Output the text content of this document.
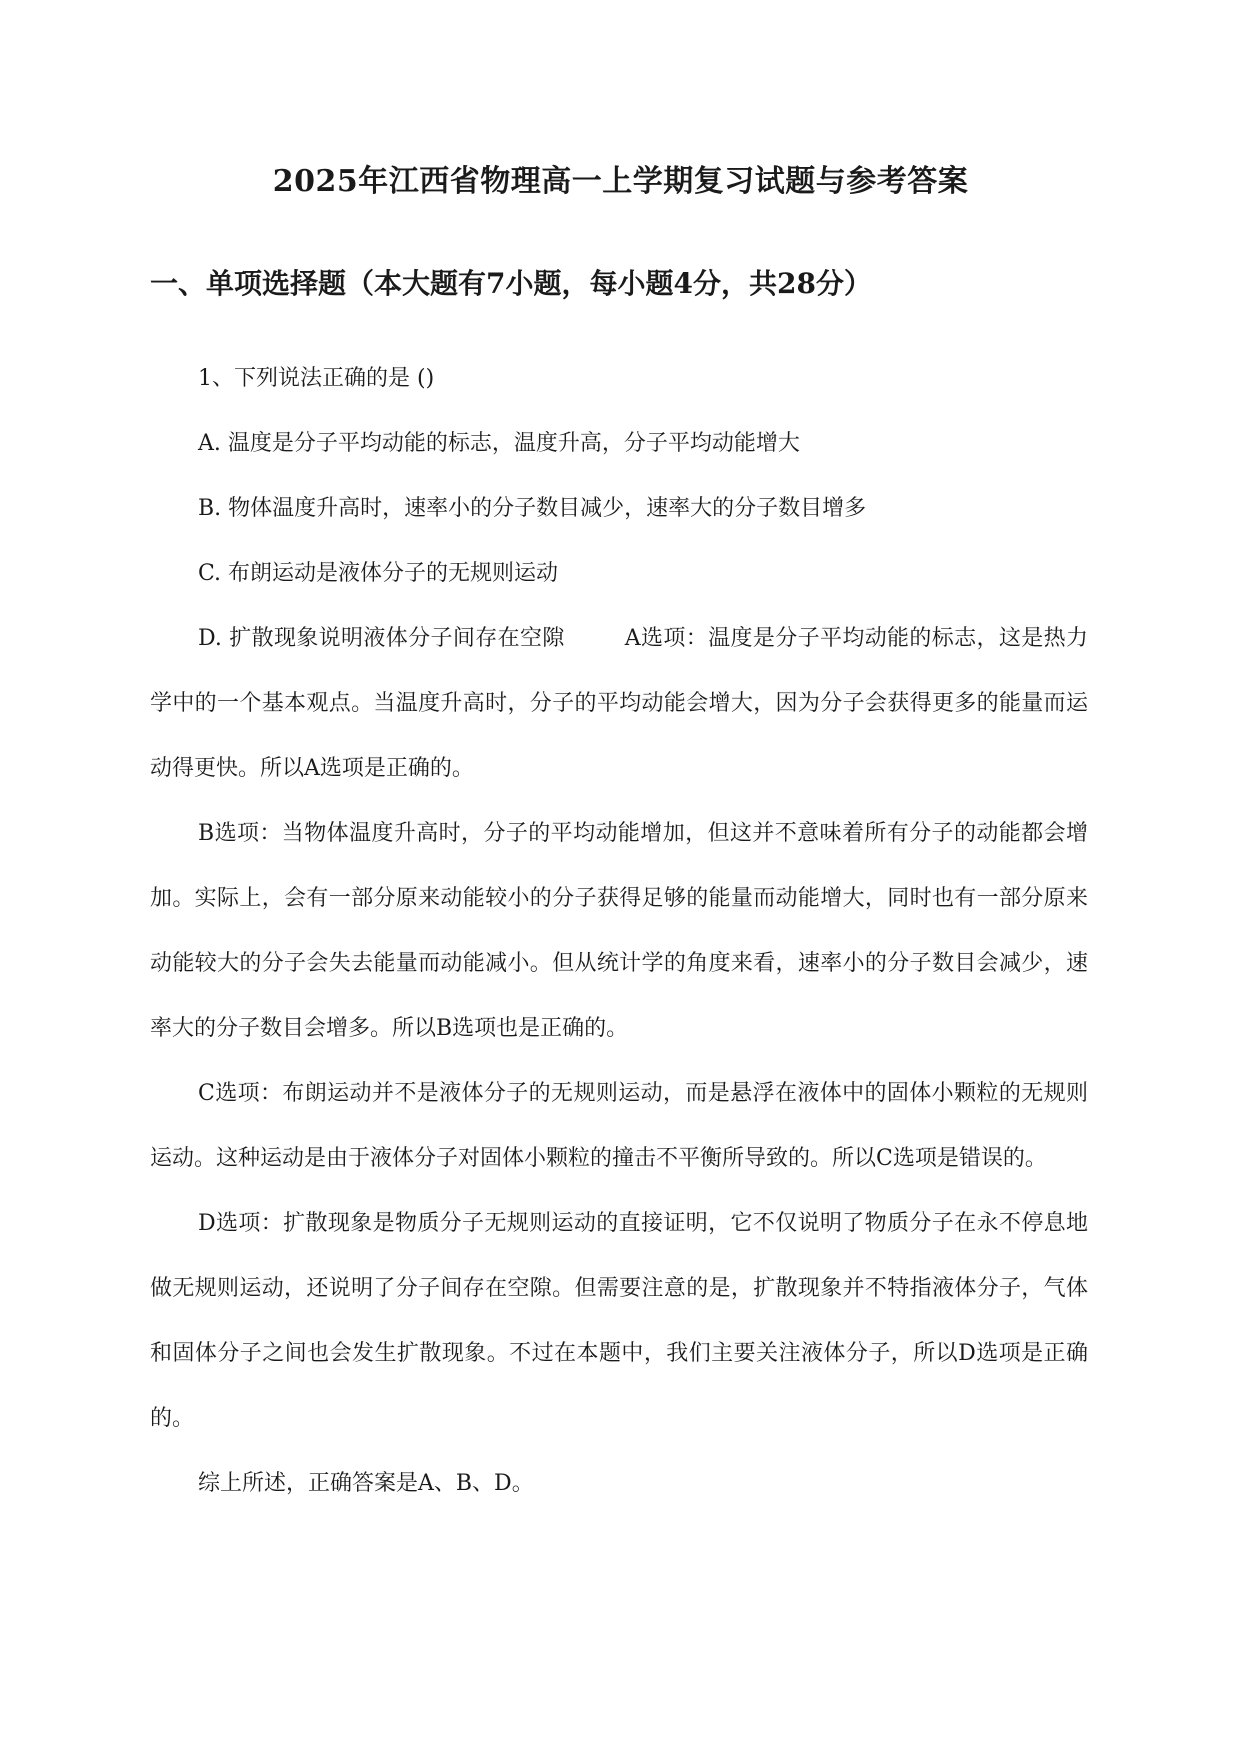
2025年江西省物理高一上学期复习试题与参考答案
一、单项选择题（本大题有7小题，每小题4分，共28分）

1、下列说法正确的是 ()

A. 温度是分子平均动能的标志，温度升高，分子平均动能增大

B. 物体温度升高时，速率小的分子数目减少，速率大的分子数目增多

C. 布朗运动是液体分子的无规则运动

D. 扩散现象说明液体分子间存在空隙	A选项：温度是分子平均动能的标志，这是热力学中的一个基本观点。当温度升高时，分子的平均动能会增大，因为分子会获得更多的能量而运动得更快。所以A选项是正确的。

B选项：当物体温度升高时，分子的平均动能增加，但这并不意味着所有分子的动能都会增加。实际上，会有一部分原来动能较小的分子获得足够的能量而动能增大，同时也有一部分原来动能较大的分子会失去能量而动能减小。但从统计学的角度来看，速率小的分子数目会减少，速率大的分子数目会增多。所以B选项也是正确的。

C选项：布朗运动并不是液体分子的无规则运动，而是悬浮在液体中的固体小颗粒的无规则运动。这种运动是由于液体分子对固体小颗粒的撞击不平衡所导致的。所以C选项是错误的。

D选项：扩散现象是物质分子无规则运动的直接证明，它不仅说明了物质分子在永不停息地做无规则运动，还说明了分子间存在空隙。但需要注意的是，扩散现象并不特指液体分子，气体和固体分子之间也会发生扩散现象。不过在本题中，我们主要关注液体分子，所以D选项是正确的。

综上所述，正确答案是A、B、D。
